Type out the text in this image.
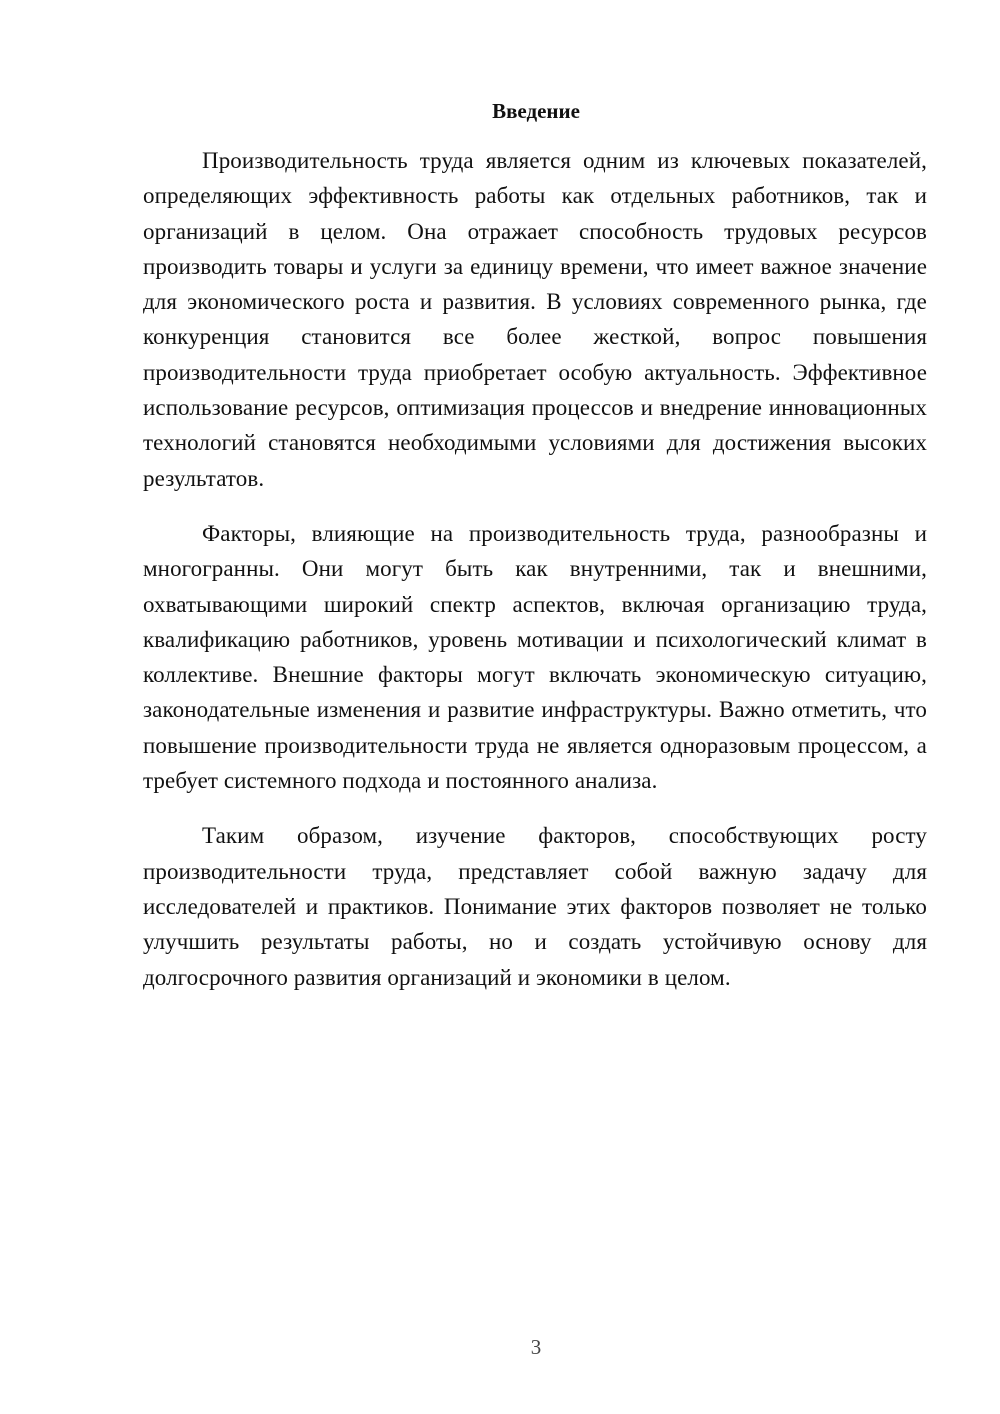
Введение

Производительность труда является одним из ключевых показателей, определяющих эффективность работы как отдельных работников, так и организаций в целом. Она отражает способность трудовых ресурсов производить товары и услуги за единицу времени, что имеет важное значение для экономического роста и развития. В условиях современного рынка, где конкуренция становится все более жесткой, вопрос повышения производительности труда приобретает особую актуальность. Эффективное использование ресурсов, оптимизация процессов и внедрение инновационных технологий становятся необходимыми условиями для достижения высоких результатов.

Факторы, влияющие на производительность труда, разнообразны и многогранны. Они могут быть как внутренними, так и внешними, охватывающими широкий спектр аспектов, включая организацию труда, квалификацию работников, уровень мотивации и психологический климат в коллективе. Внешние факторы могут включать экономическую ситуацию, законодательные изменения и развитие инфраструктуры. Важно отметить, что повышение производительности труда не является одноразовым процессом, а требует системного подхода и постоянного анализа.

Таким образом, изучение факторов, способствующих росту производительности труда, представляет собой важную задачу для исследователей и практиков. Понимание этих факторов позволяет не только улучшить результаты работы, но и создать устойчивую основу для долгосрочного развития организаций и экономики в целом.

3
